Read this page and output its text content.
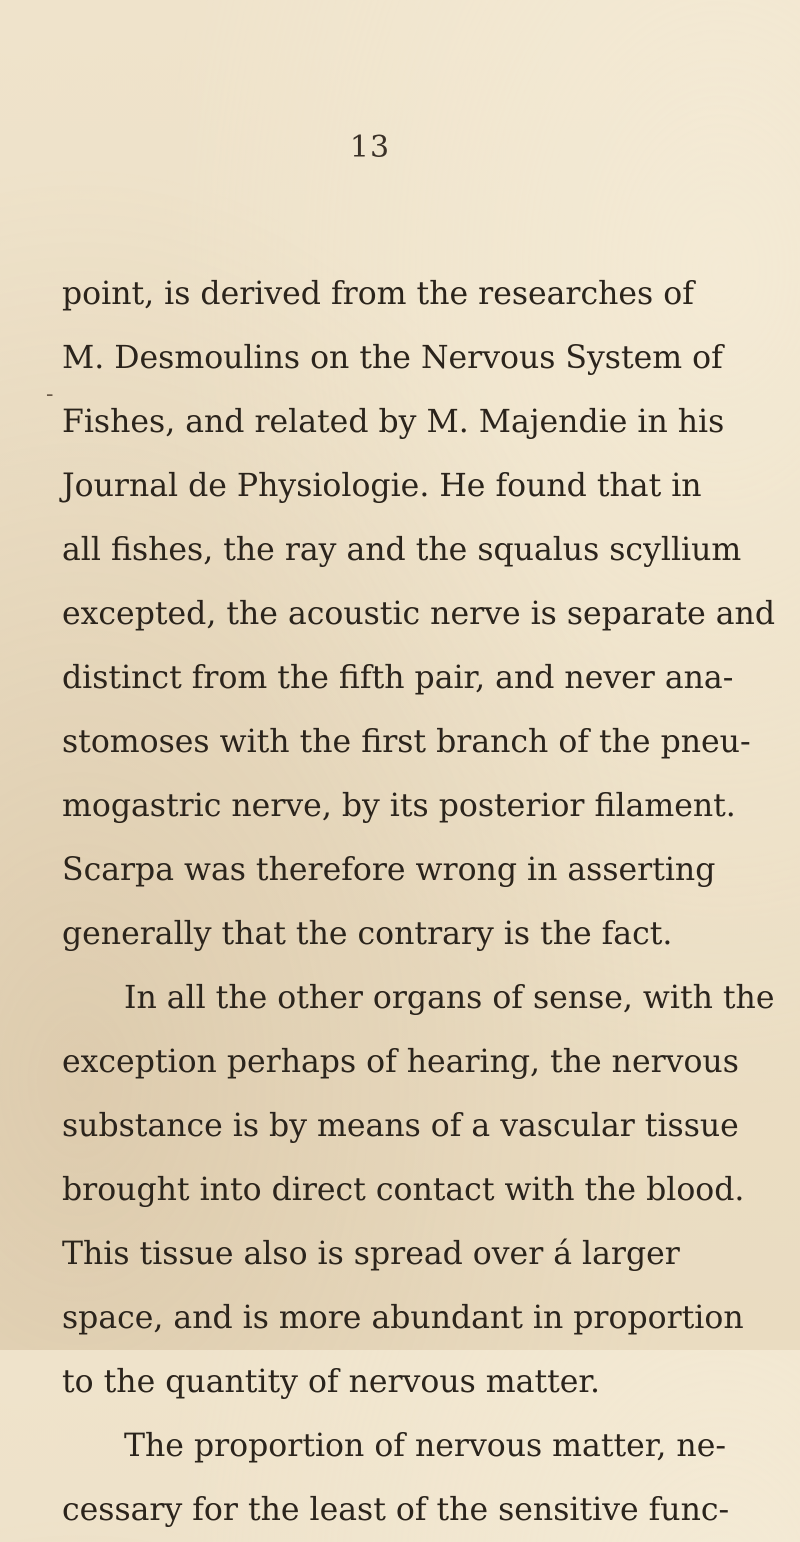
13
-
point, is derived from the researches of
M. Desmoulins on the Nervous System of
Fishes, and related by M. Majendie in his
Journal de Physiologie. He found that in
all fishes, the ray and the squalus scyllium
excepted, the acoustic nerve is separate and
distinct from the fifth pair, and never ana-
stomoses with the first branch of the pneu-
mogastric nerve, by its posterior filament.
Scarpa was therefore wrong in asserting
generally that the contrary is the fact.
In all the other organs of sense, with the
exception perhaps of hearing, the nervous
substance is by means of a vascular tissue
brought into direct contact with the blood.
This tissue also is spread over á larger
space, and is more abundant in proportion
to the quantity of nervous matter.
The proportion of nervous matter, ne-
cessary for the least of the sensitive func-
